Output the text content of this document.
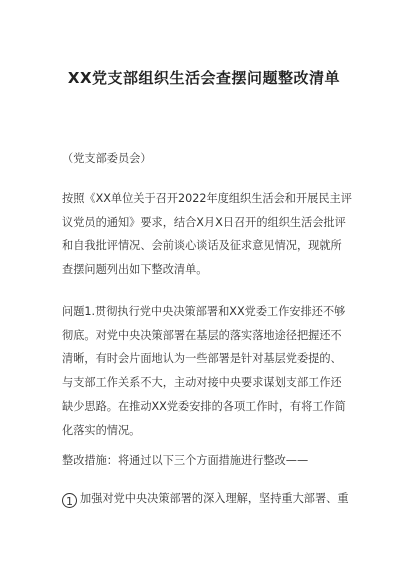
XX党支部组织生活会查摆问题整改清单
（党支部委员会）
按照《XX单位关于召开2022年度组织生活会和开展民主评
议党员的通知》要求，结合X月X日召开的组织生活会批评
和自我批评情况、会前谈心谈话及征求意见情况，现就所
查摆问题列出如下整改清单。
问题1.贯彻执行党中央决策部署和XX党委工作安排还不够
彻底。对党中央决策部署在基层的落实落地途径把握还不
清晰，有时会片面地认为一些部署是针对基层党委提的、
与支部工作关系不大，主动对接中央要求谋划支部工作还
缺少思路。在推动XX党委安排的各项工作时，有将工作简
化落实的情况。
整改措施：将通过以下三个方面措施进行整改——
1 加强对党中央决策部署的深入理解，坚持重大部署、重
